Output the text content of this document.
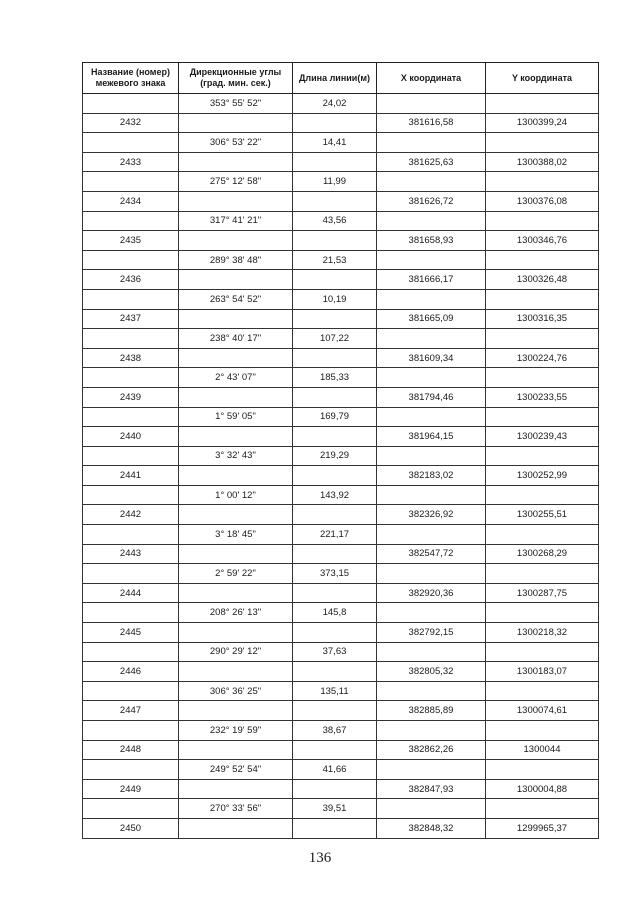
Название (номер) межевого знака	Дирекционные углы (град. мин. сек.)	Длина линии(м)	X координата	Y координата
	353° 55' 52"	24,02		
2432			381616,58	1300399,24
	306° 53' 22"	14,41		
2433			381625,63	1300388,02
	275° 12' 58"	11,99		
2434			381626,72	1300376,08
	317° 41' 21"	43,56		
2435			381658,93	1300346,76
	289° 38' 48"	21,53		
2436			381666,17	1300326,48
	263° 54' 52"	10,19		
2437			381665,09	1300316,35
	238° 40' 17"	107,22		
2438			381609,34	1300224,76
	2° 43' 07"	185,33		
2439			381794,46	1300233,55
	1° 59' 05"	169,79		
2440			381964,15	1300239,43
	3° 32' 43"	219,29		
2441			382183,02	1300252,99
	1° 00' 12"	143,92		
2442			382326,92	1300255,51
	3° 18' 45"	221,17		
2443			382547,72	1300268,29
	2° 59' 22"	373,15		
2444			382920,36	1300287,75
	208° 26' 13"	145,8		
2445			382792,15	1300218,32
	290° 29' 12"	37,63		
2446			382805,32	1300183,07
	306° 36' 25"	135,11		
2447			382885,89	1300074,61
	232° 19' 59"	38,67		
2448			382862,26	1300044
	249° 52' 54"	41,66		
2449			382847,93	1300004,88
	270° 33' 56"	39,51		
2450			382848,32	1299965,37
136
